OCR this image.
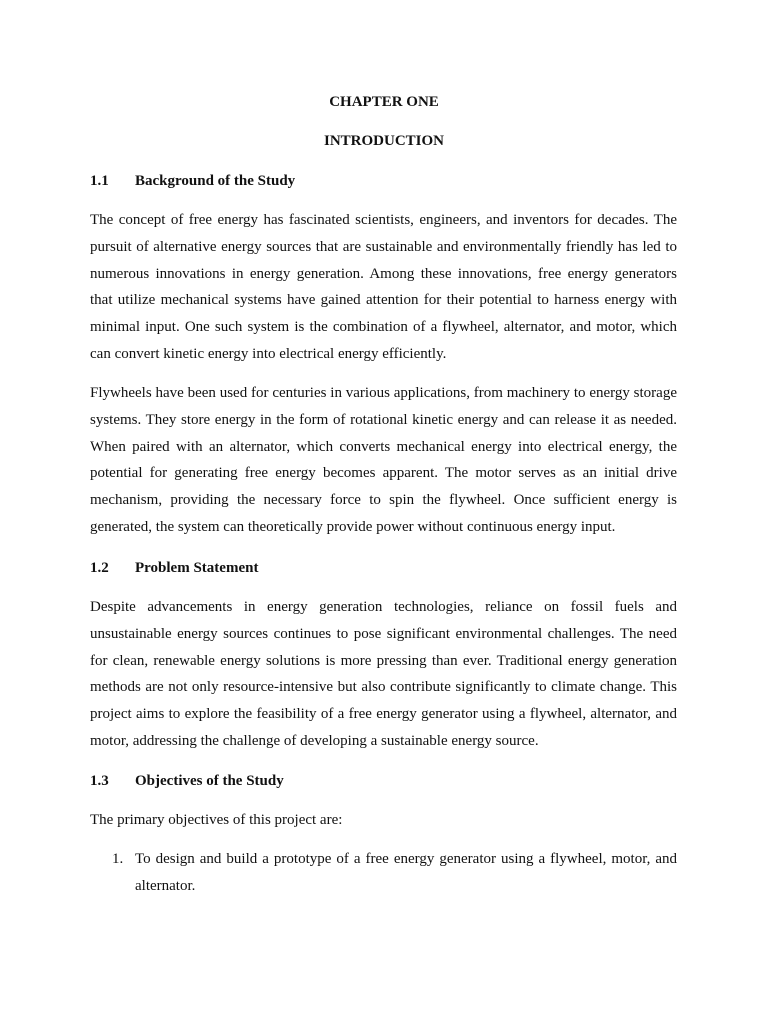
CHAPTER ONE

INTRODUCTION

1.1 Background of the Study

The concept of free energy has fascinated scientists, engineers, and inventors for decades. The pursuit of alternative energy sources that are sustainable and environmentally friendly has led to numerous innovations in energy generation. Among these innovations, free energy generators that utilize mechanical systems have gained attention for their potential to harness energy with minimal input. One such system is the combination of a flywheel, alternator, and motor, which can convert kinetic energy into electrical energy efficiently.

Flywheels have been used for centuries in various applications, from machinery to energy storage systems. They store energy in the form of rotational kinetic energy and can release it as needed. When paired with an alternator, which converts mechanical energy into electrical energy, the potential for generating free energy becomes apparent. The motor serves as an initial drive mechanism, providing the necessary force to spin the flywheel. Once sufficient energy is generated, the system can theoretically provide power without continuous energy input.

1.2 Problem Statement

Despite advancements in energy generation technologies, reliance on fossil fuels and unsustainable energy sources continues to pose significant environmental challenges. The need for clean, renewable energy solutions is more pressing than ever. Traditional energy generation methods are not only resource-intensive but also contribute significantly to climate change. This project aims to explore the feasibility of a free energy generator using a flywheel, alternator, and motor, addressing the challenge of developing a sustainable energy source.

1.3 Objectives of the Study

The primary objectives of this project are:

1. To design and build a prototype of a free energy generator using a flywheel, motor, and alternator.
